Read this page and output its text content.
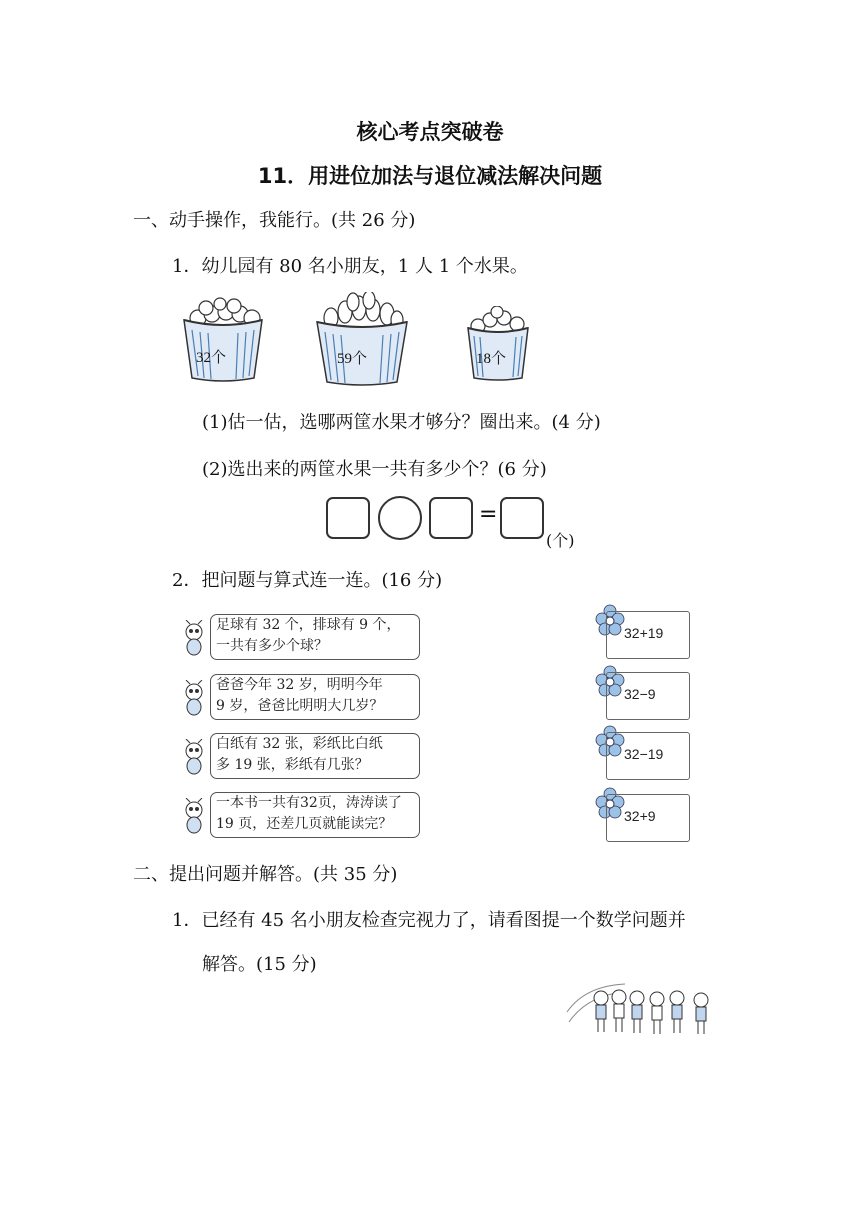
核心考点突破卷
11．用进位加法与退位减法解决问题
一、动手操作，我能行。(共 26 分)
1．幼儿园有 80 名小朋友，1 人 1 个水果。
32个	59个	18个
(1)估一估，选哪两筐水果才够分？圈出来。(4 分)
(2)选出来的两筐水果一共有多少个？(6 分)
=
(个)
2．把问题与算式连一连。(16 分)
足球有 32 个，排球有 9 个，
一共有多少个球？
爸爸今年 32 岁，明明今年
9 岁，爸爸比明明大几岁？
白纸有 32 张，彩纸比白纸
多 19 张，彩纸有几张？
一本书一共有32页，涛涛读了
19 页，还差几页就能读完？
32+19
32−9
32−19
32+9
二、提出问题并解答。(共 35 分)
1．已经有 45 名小朋友检查完视力了，请看图提一个数学问题并
解答。(15 分)
